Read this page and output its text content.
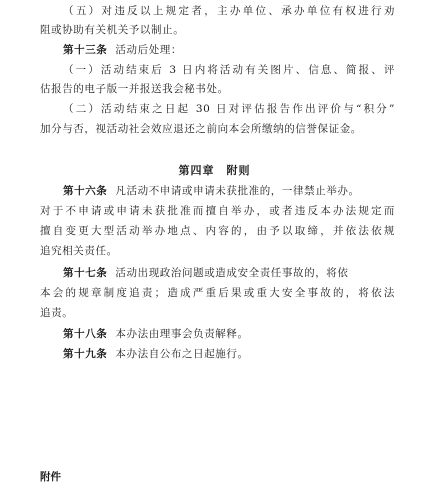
（五）对违反以上规定者，主办单位、承办单位有权进行劝
阻或协助有关机关予以制止。
第十三条 活动后处理：
（一）活动结束后 3 日内将活动有关图片、信息、简报、评
估报告的电子版一并报送我会秘书处。
（二）活动结束之日起 30 日对评估报告作出评价与“积分”
加分与否，视活动社会效应退还之前向本会所缴纳的信誉保证金。
第四章　附则
第十六条 凡活动不申请或申请未获批准的，一律禁止举办。
对于不申请或申请未获批准而擅自举办，或者违反本办法规定而
擅自变更大型活动举办地点、内容的，由予以取缔，并依法依规
追究相关责任。
第十七条 活动出现政治问题或造成安全责任事故的，将依
本会的规章制度追责；造成严重后果或重大安全事故的，将依法
追责。
第十八条 本办法由理事会负责解释。
第十九条 本办法自公布之日起施行。
附件
